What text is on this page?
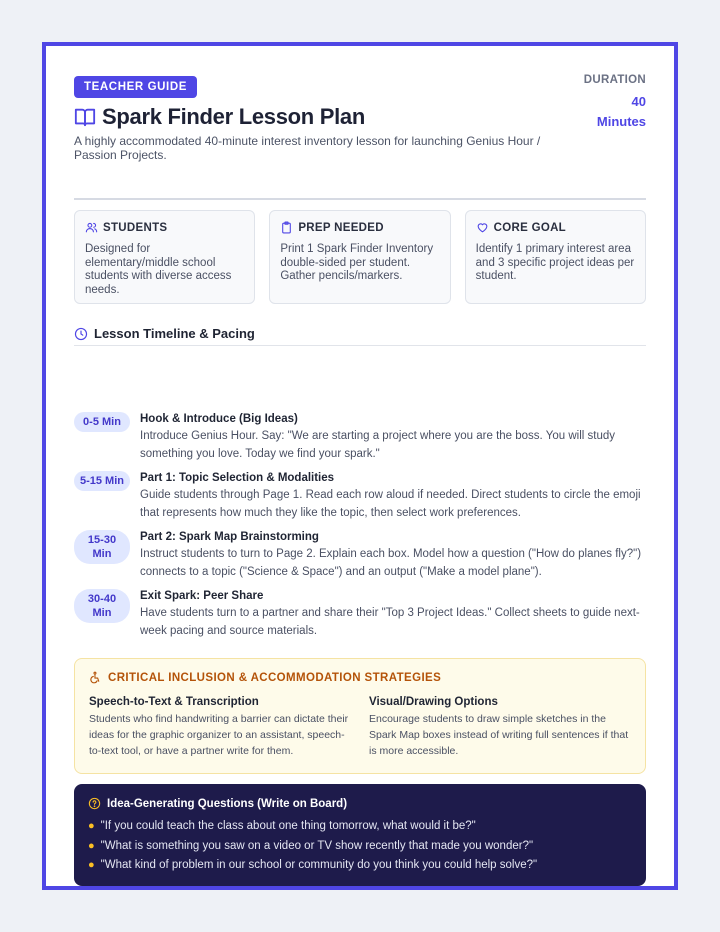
TEACHER GUIDE
Spark Finder Lesson Plan

A highly accommodated 40-minute interest inventory lesson for launching Genius Hour / Passion Projects.

DURATION
40
Minutes
STUDENTS
Designed for elementary/middle school students with diverse access needs.
PREP NEEDED
Print 1 Spark Finder Inventory double-sided per student. Gather pencils/markers.
CORE GOAL
Identify 1 primary interest area and 3 specific project ideas per student.
Lesson Timeline & Pacing
0-5 Min	Hook & Introduce (Big Ideas)
Introduce Genius Hour. Say: "We are starting a project where you are the boss. You will study something you love. Today we find your spark."
5-15 Min	Part 1: Topic Selection & Modalities
Guide students through Page 1. Read each row aloud if needed. Direct students to circle the emoji that represents how much they like the topic, then select work preferences.
15-30 Min
Part 2: Spark Map Brainstorming
Instruct students to turn to Page 2. Explain each box. Model how a question ("How do planes fly?") connects to a topic ("Science & Space") and an output ("Make a model plane").
30-40 Min
Exit Spark: Peer Share
Have students turn to a partner and share their "Top 3 Project Ideas." Collect sheets to guide next-week pacing and source materials.
CRITICAL INCLUSION & ACCOMMODATION STRATEGIES
Speech-to-Text & Transcription
Students who find handwriting a barrier can dictate their ideas for the graphic organizer to an assistant, speech-to-text tool, or have a partner write for them.
Visual/Drawing Options
Encourage students to draw simple sketches in the Spark Map boxes instead of writing full sentences if that is more accessible.
Idea-Generating Questions (Write on Board)
● "If you could teach the class about one thing tomorrow, what would it be?"
● "What is something you saw on a video or TV show recently that made you wonder?"
● "What kind of problem in our school or community do you think you could help solve?"
